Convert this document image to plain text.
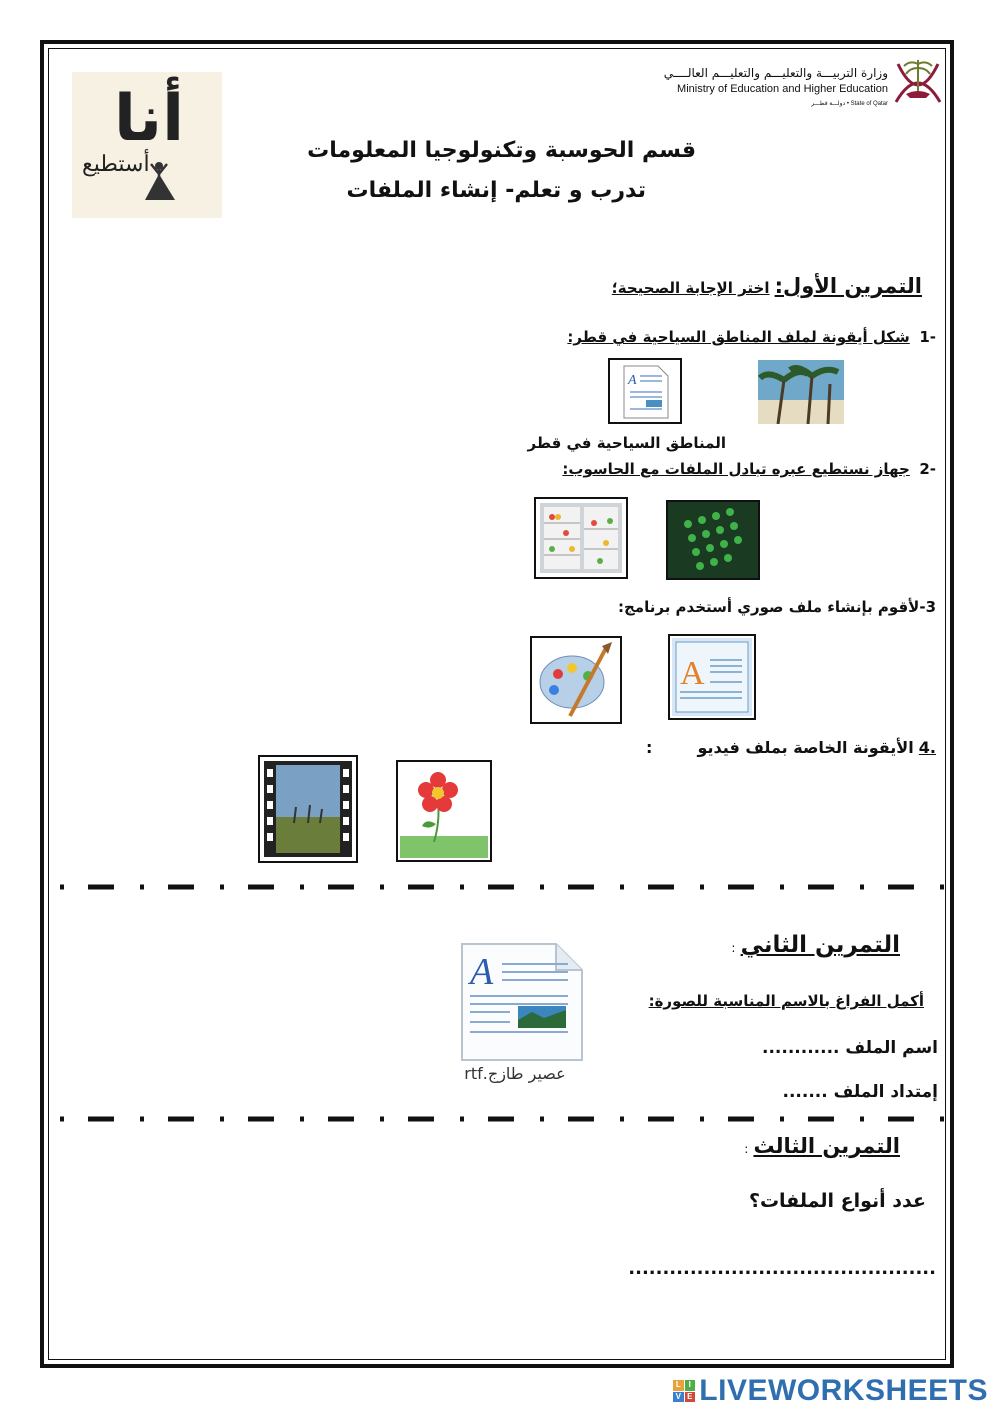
أنا
أستطيع
وزارة التربيـــة والتعليـــم والتعليـــم العالــــي
Ministry of Education and Higher Education
State of Qatar • دولـــة قطـــر
قسم الحوسبة وتكنولوجيا المعلومات
تدرب و تعلم- إنشاء الملفات
التمرين الأول: اختر الإجابة الصحيحة؛
-1  شكل أيقونة لملف المناطق السياحية في قطر:
A
المناطق السياحية في قطر
-2  جهاز نستطيع عبره تبادل الملفات مع الحاسوب:
3-لأقوم بإنشاء ملف صوري أستخدم برنامج:
A
.4 الأيقونة الخاصة بملف فيديو :
التمرين الثاني :
أكمل الفراغ بالاسم المناسبة للصورة:
اسم الملف ............
إمتداد الملف .......
A
عصير طازج.rtf
التمرين الثالث :
عدد أنواع الملفات؟
.............................................
L I
V E LIVEWORKSHEETS
